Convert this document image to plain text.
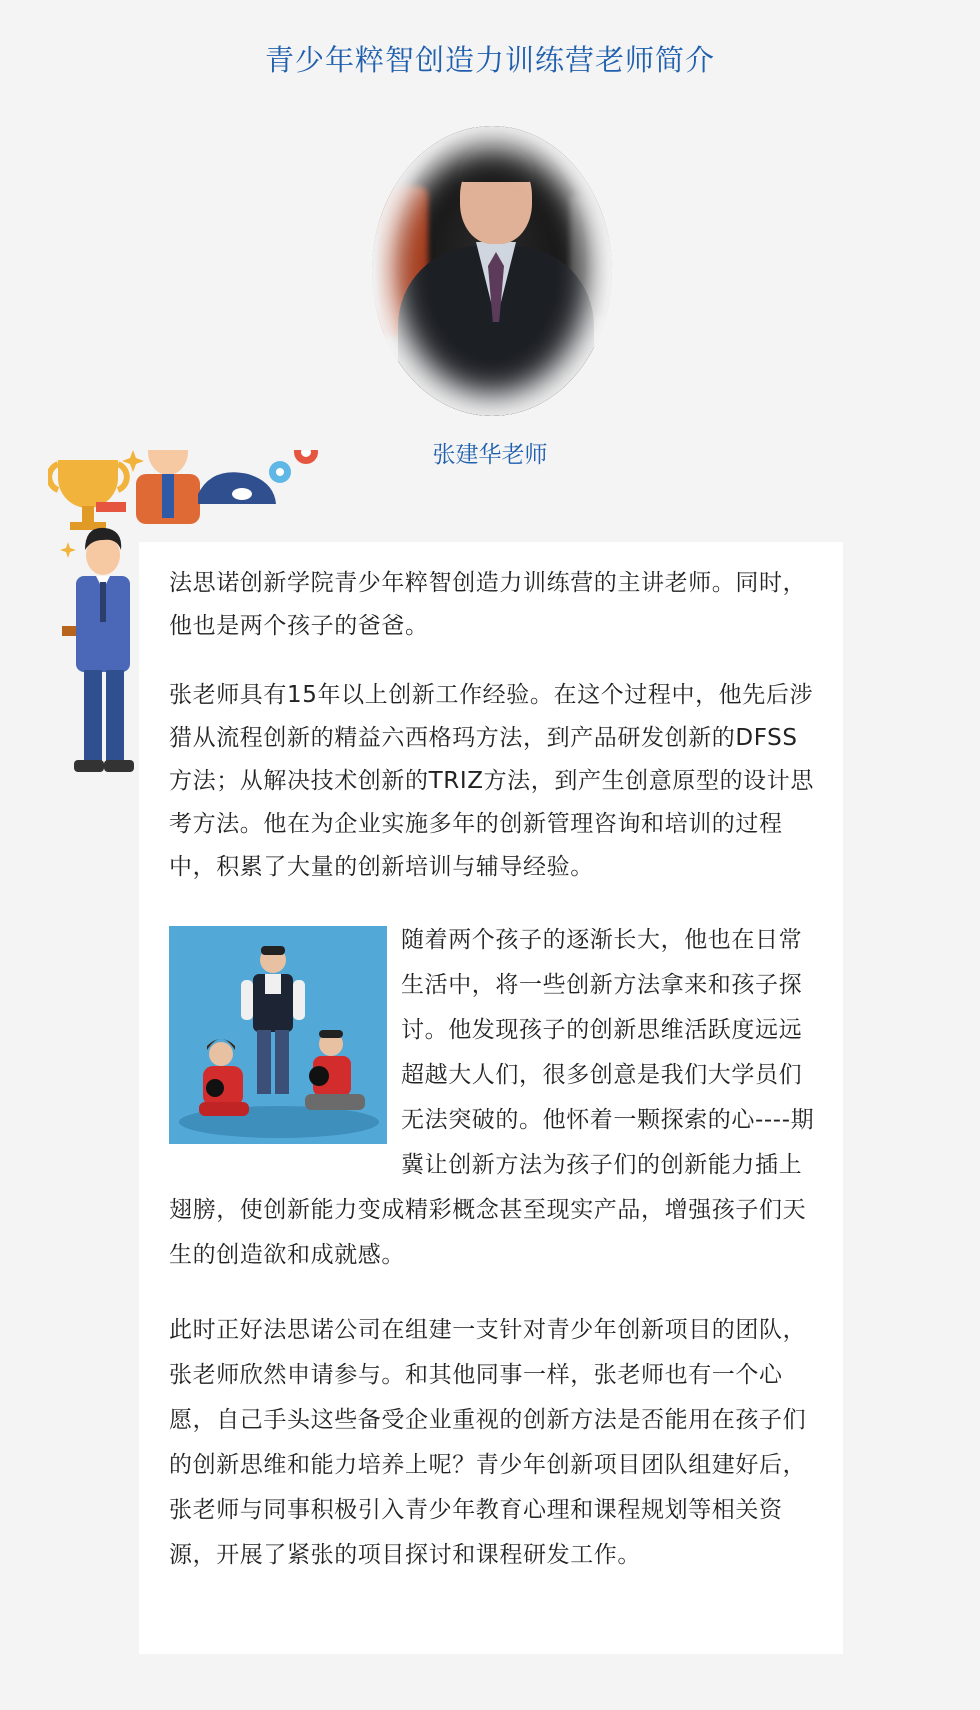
青少年粹智创造力训练营老师简介
张建华老师
法思诺创新学院青少年粹智创造力训练营的主讲老师。同时，他也是两个孩子的爸爸。
张老师具有15年以上创新工作经验。在这个过程中，他先后涉猎从流程创新的精益六西格玛方法，到产品研发创新的DFSS方法；从解决技术创新的TRIZ方法，到产生创意原型的设计思考方法。他在为企业实施多年的创新管理咨询和培训的过程中，积累了大量的创新培训与辅导经验。
随着两个孩子的逐渐长大，他也在日常生活中，将一些创新方法拿来和孩子探讨。他发现孩子的创新思维活跃度远远超越大人们，很多创意是我们大学员们无法突破的。他怀着一颗探索的心----期冀让创新方法为孩子们的创新能力插上翅膀，使创新能力变成精彩概念甚至现实产品，增强孩子们天生的创造欲和成就感。
此时正好法思诺公司在组建一支针对青少年创新项目的团队，张老师欣然申请参与。和其他同事一样，张老师也有一个心愿，自己手头这些备受企业重视的创新方法是否能用在孩子们的创新思维和能力培养上呢？青少年创新项目团队组建好后，张老师与同事积极引入青少年教育心理和课程规划等相关资源，开展了紧张的项目探讨和课程研发工作。
